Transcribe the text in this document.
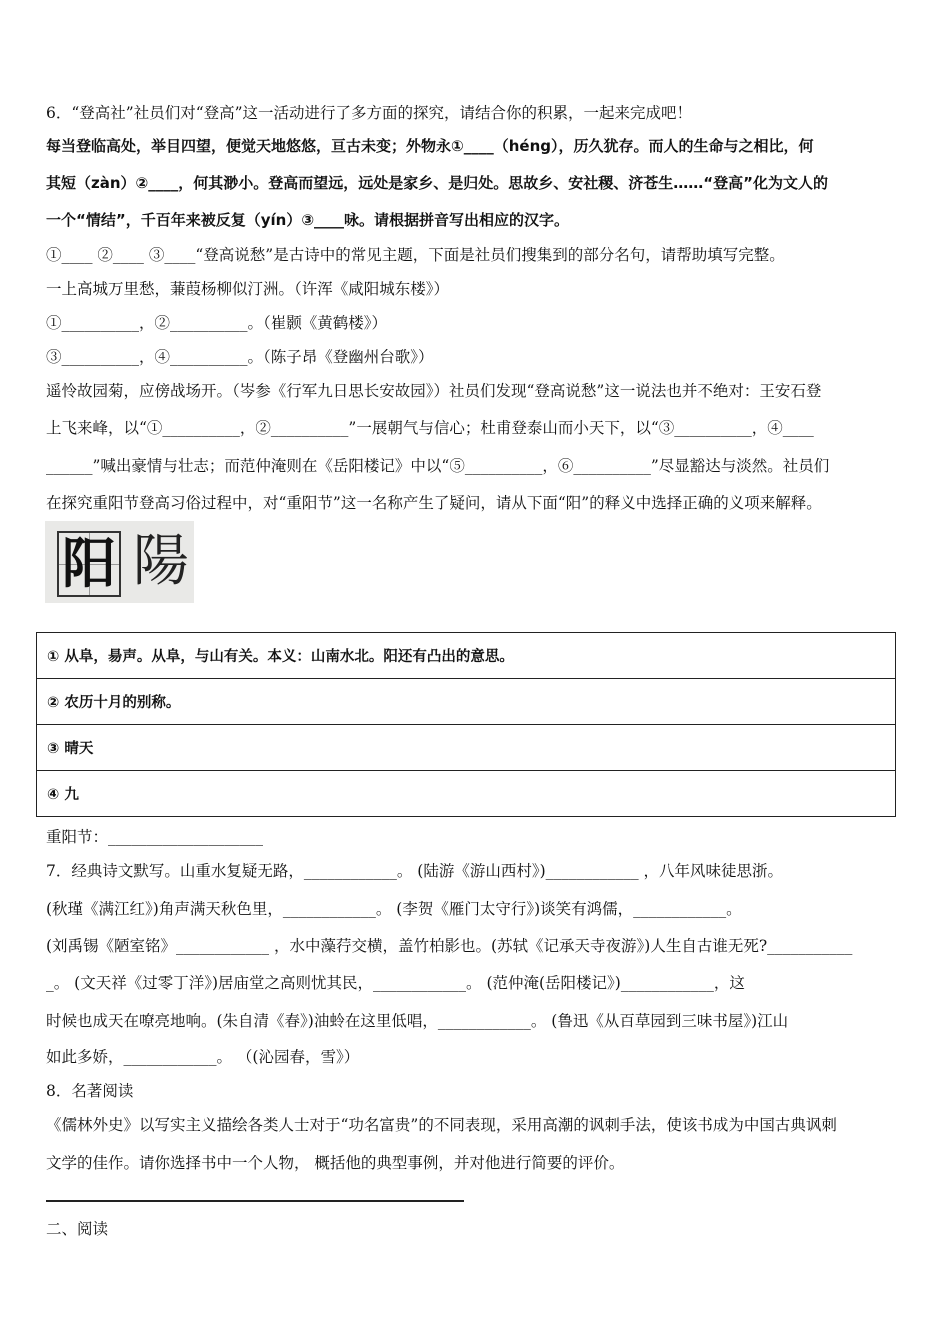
6．“登高社”社员们对“登高”这一活动进行了多方面的探究，请结合你的积累，一起来完成吧！
每当登临高处，举目四望，便觉天地悠悠，亘古未变；外物永①____（héng），历久犹存。而人的生命与之相比，何
其短（zàn）②____，何其渺小。登高而望远，远处是家乡、是归处。思故乡、安社稷、济苍生……“登高”化为文人的
一个“情结”，千百年来被反复（yín）③____咏。请根据拼音写出相应的汉字。
①____ ②____ ③____“登高说愁”是古诗中的常见主题，下面是社员们搜集到的部分名句，请帮助填写完整。
一上高城万里愁，蒹葭杨柳似汀洲。（许浑《咸阳城东楼》）
①__________，②__________。（崔颢《黄鹤楼》）
③__________，④__________。（陈子昂《登幽州台歌》）
遥怜故园菊，应傍战场开。（岑参《行军九日思长安故园》）社员们发现“登高说愁”这一说法也并不绝对：王安石登
上飞来峰，以“①__________，②__________”一展朝气与信心；杜甫登泰山而小天下，以“③__________，④____
______”喊出豪情与壮志；而范仲淹则在《岳阳楼记》中以“⑤__________，⑥__________”尽显豁达与淡然。社员们
在探究重阳节登高习俗过程中，对“重阳节”这一名称产生了疑问，请从下面“阳”的释义中选择正确的义项来解释。
阳 陽
① 从阜，昜声。从阜，与山有关。本义：山南水北。阳还有凸出的意思。
② 农历十月的别称。
③ 晴天
④ 九
重阳节：____________________
7．经典诗文默写。山重水复疑无路，____________。 (陆游《游山西村》)____________ ，八年风味徒思浙。
(秋瑾《满江红》)角声满天秋色里，____________。 (李贺《雁门太守行》)谈笑有鸿儒，____________。
(刘禹锡《陋室铭》____________ ，水中藻荇交横，盖竹柏影也。(苏轼《记承天寺夜游》)人生自古谁无死?___________
_。 (文天祥《过零丁洋》)居庙堂之高则忧其民，____________。 (范仲淹(岳阳楼记》)____________，这
时候也成天在嘹亮地响。(朱自清《春》)油蛉在这里低唱，____________。 (鲁迅《从百草园到三味书屋》)江山
如此多娇，____________。 （(沁园春，雪》）
8．名著阅读
《儒林外史》以写实主义描绘各类人士对于“功名富贵”的不同表现，采用高潮的讽刺手法，使该书成为中国古典讽刺
文学的佳作。请你选择书中一个人物， 概括他的典型事例，并对他进行简要的评价。
二、阅读
